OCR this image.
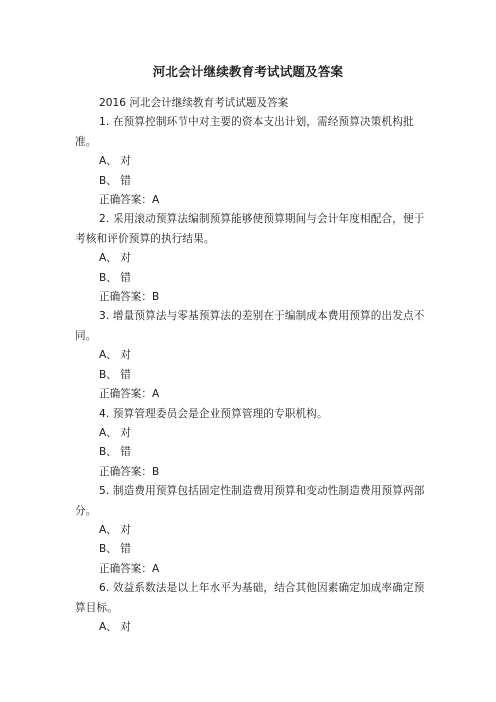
河北会计继续教育考试试题及答案

2016 河北会计继续教育考试试题及答案

1. 在预算控制环节中对主要的资本支出计划，需经预算决策机构批准。

A、 对

B、 错

正确答案：A

2. 采用滚动预算法编制预算能够使预算期间与会计年度相配合，便于考核和评价预算的执行结果。

A、 对

B、 错

正确答案：B

3. 增量预算法与零基预算法的差别在于编制成本费用预算的出发点不同。

A、 对

B、 错

正确答案：A

4. 预算管理委员会是企业预算管理的专职机构。

A、 对

B、 错

正确答案：B

5. 制造费用预算包括固定性制造费用预算和变动性制造费用预算两部分。

A、 对

B、 错

正确答案：A

6. 效益系数法是以上年水平为基础，结合其他因素确定加成率确定预算目标。

A、 对
